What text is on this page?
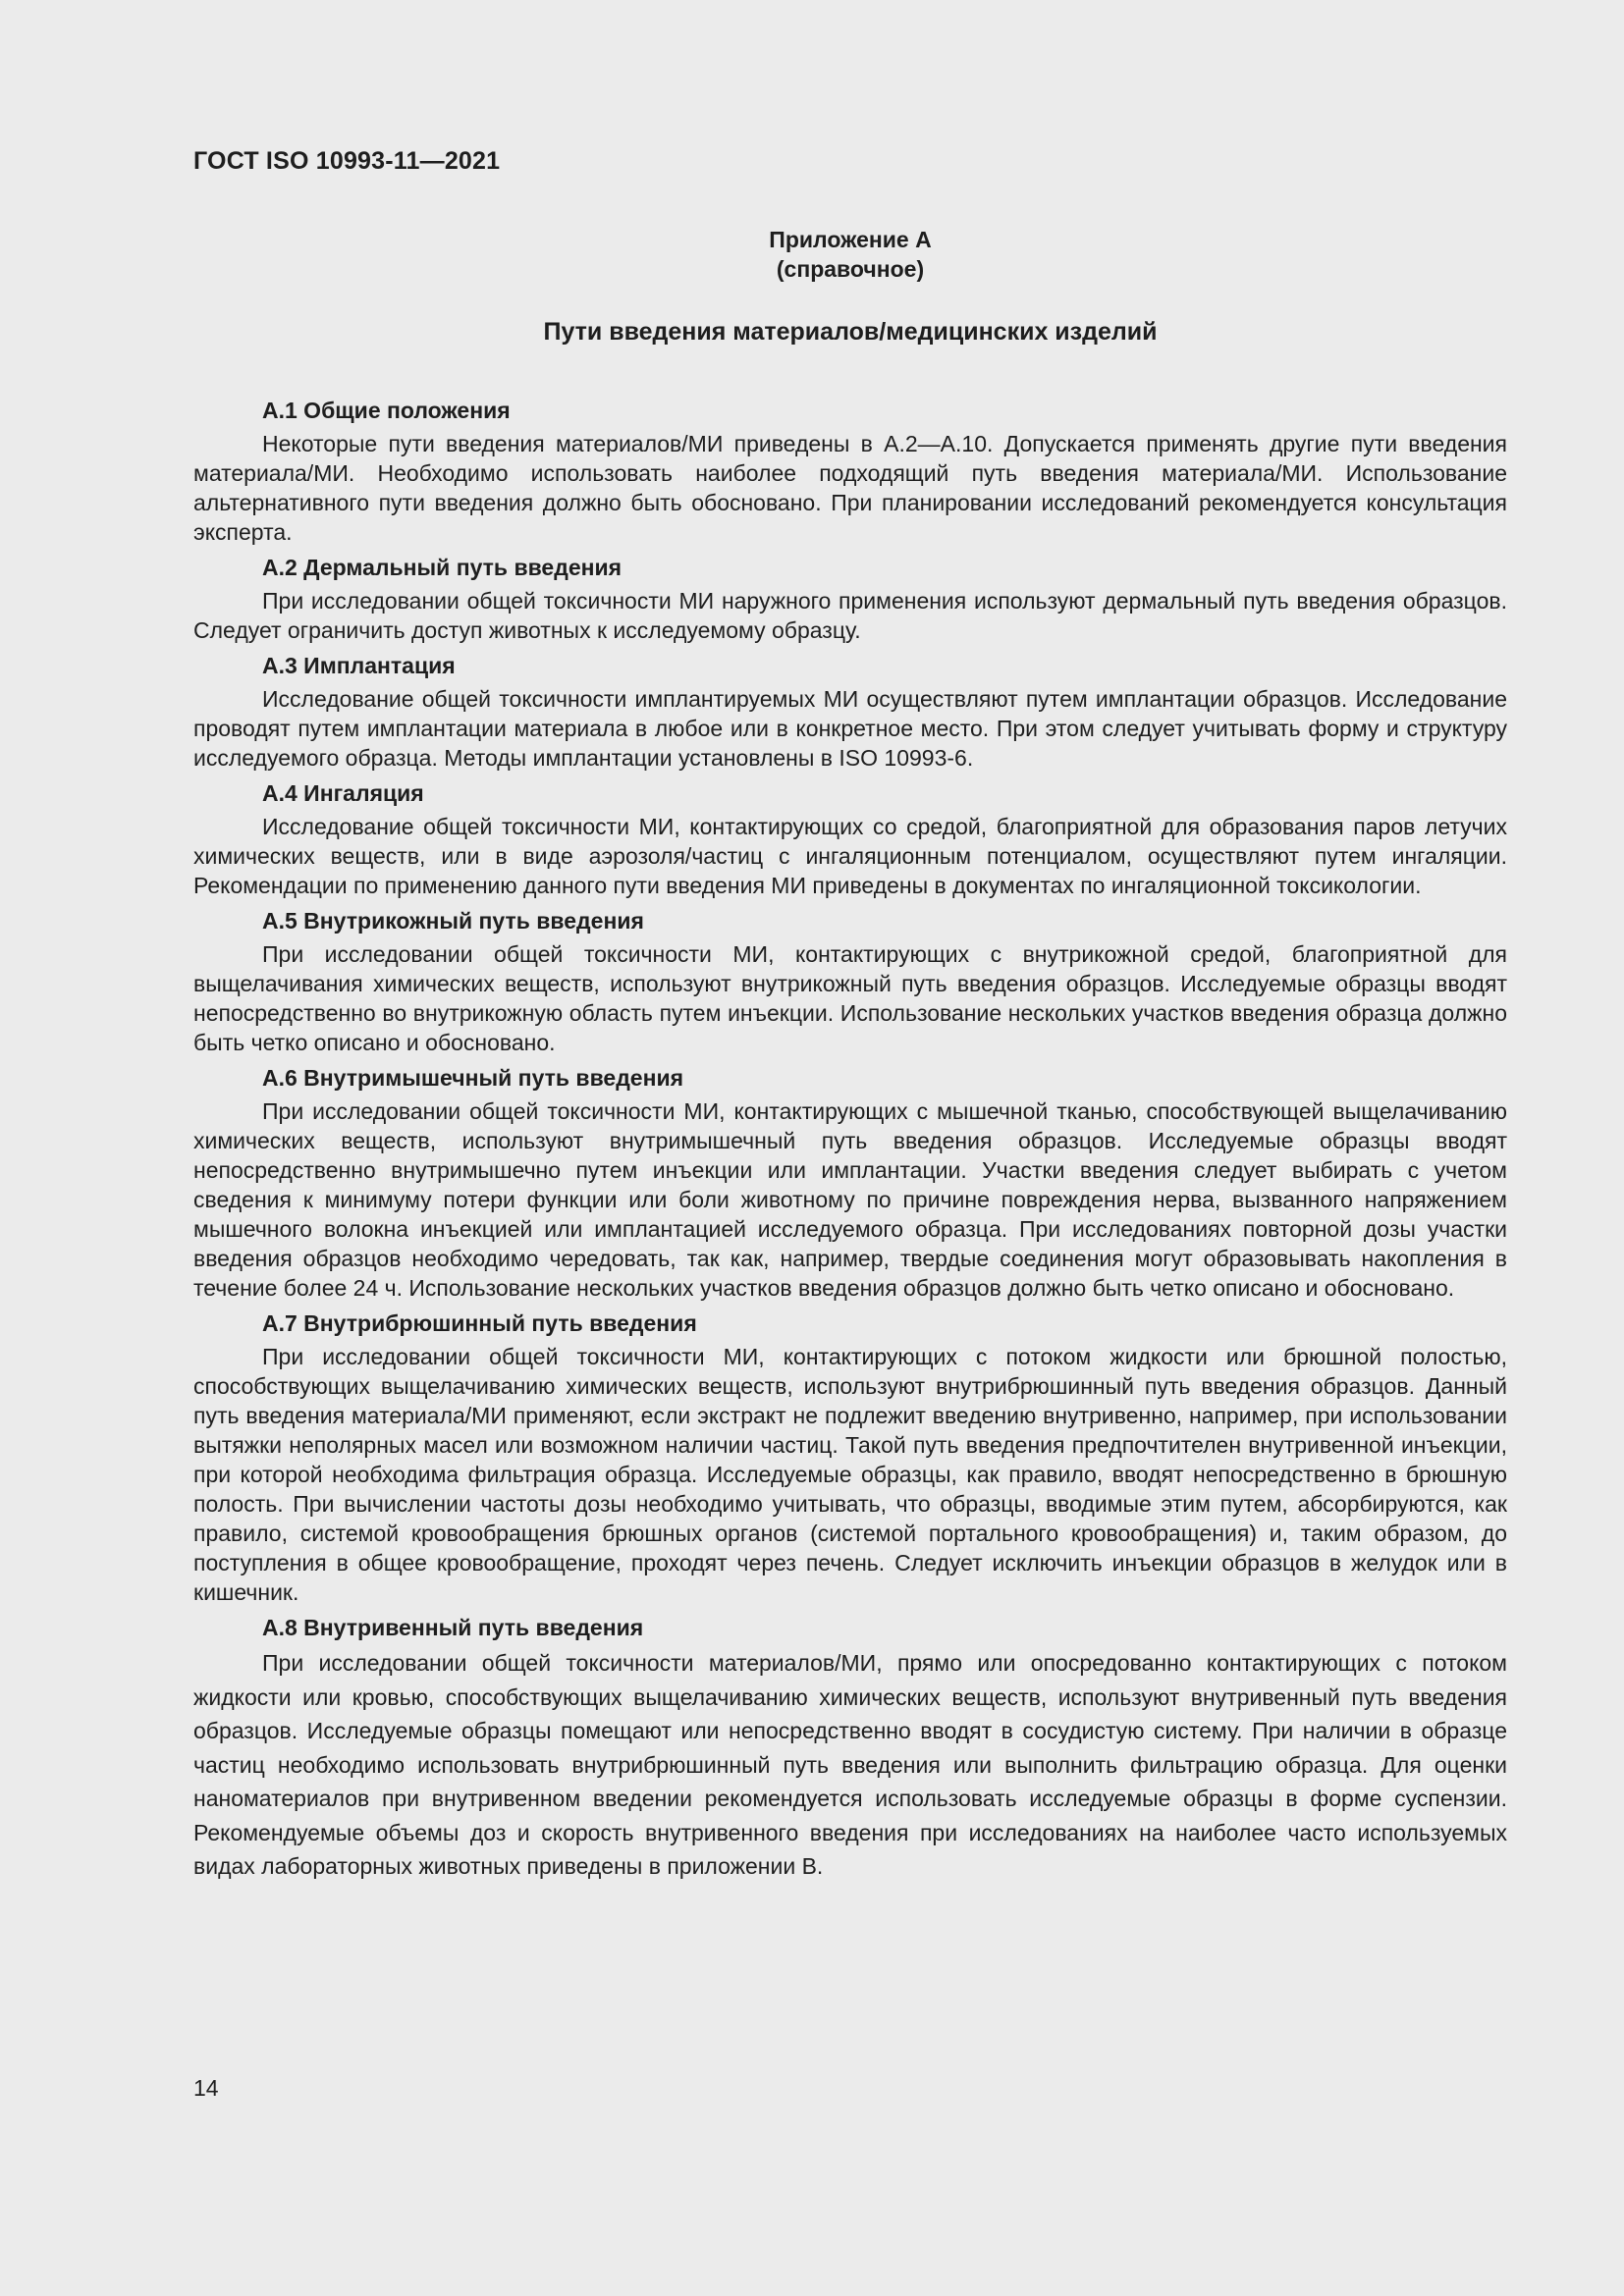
ГОСТ ISO 10993-11—2021
Приложение А
(справочное)
Пути введения материалов/медицинских изделий

А.1 Общие положения

Некоторые пути введения материалов/МИ приведены в А.2—А.10. Допускается применять другие пути введения материала/МИ. Необходимо использовать наиболее подходящий путь введения материала/МИ. Использование альтернативного пути введения должно быть обосновано. При планировании исследований рекомендуется консультация эксперта.

А.2 Дермальный путь введения

При исследовании общей токсичности МИ наружного применения используют дермальный путь введения образцов. Следует ограничить доступ животных к исследуемому образцу.

А.3 Имплантация

Исследование общей токсичности имплантируемых МИ осуществляют путем имплантации образцов. Исследование проводят путем имплантации материала в любое или в конкретное место. При этом следует учитывать форму и структуру исследуемого образца. Методы имплантации установлены в ISO 10993-6.

А.4 Ингаляция

Исследование общей токсичности МИ, контактирующих со средой, благоприятной для образования паров летучих химических веществ, или в виде аэрозоля/частиц с ингаляционным потенциалом, осуществляют путем ингаляции. Рекомендации по применению данного пути введения МИ приведены в документах по ингаляционной токсикологии.

А.5 Внутрикожный путь введения

При исследовании общей токсичности МИ, контактирующих с внутрикожной средой, благоприятной для выщелачивания химических веществ, используют внутрикожный путь введения образцов. Исследуемые образцы вводят непосредственно во внутрикожную область путем инъекции. Использование нескольких участков введения образца должно быть четко описано и обосновано.

А.6 Внутримышечный путь введения

При исследовании общей токсичности МИ, контактирующих с мышечной тканью, способствующей выщелачиванию химических веществ, используют внутримышечный путь введения образцов. Исследуемые образцы вводят непосредственно внутримышечно путем инъекции или имплантации. Участки введения следует выбирать с учетом сведения к минимуму потери функции или боли животному по причине повреждения нерва, вызванного напряжением мышечного волокна инъекцией или имплантацией исследуемого образца. При исследованиях повторной дозы участки введения образцов необходимо чередовать, так как, например, твердые соединения могут образовывать накопления в течение более 24 ч. Использование нескольких участков введения образцов должно быть четко описано и обосновано.

А.7 Внутрибрюшинный путь введения

При исследовании общей токсичности МИ, контактирующих с потоком жидкости или брюшной полостью, способствующих выщелачиванию химических веществ, используют внутрибрюшинный путь введения образцов. Данный путь введения материала/МИ применяют, если экстракт не подлежит введению внутривенно, например, при использовании вытяжки неполярных масел или возможном наличии частиц. Такой путь введения предпочтителен внутривенной инъекции, при которой необходима фильтрация образца. Исследуемые образцы, как правило, вводят непосредственно в брюшную полость. При вычислении частоты дозы необходимо учитывать, что образцы, вводимые этим путем, абсорбируются, как правило, системой кровообращения брюшных органов (системой портального кровообращения) и, таким образом, до поступления в общее кровообращение, проходят через печень. Следует исключить инъекции образцов в желудок или в кишечник.

А.8 Внутривенный путь введения

При исследовании общей токсичности материалов/МИ, прямо или опосредованно контактирующих с потоком жидкости или кровью, способствующих выщелачиванию химических веществ, используют внутривенный путь введения образцов. Исследуемые образцы помещают или непосредственно вводят в сосудистую систему. При наличии в образце частиц необходимо использовать внутрибрюшинный путь введения или выполнить фильтрацию образца. Для оценки наноматериалов при внутривенном введении рекомендуется использовать исследуемые образцы в форме суспензии. Рекомендуемые объемы доз и скорость внутривенного введения при исследованиях на наиболее часто используемых видах лабораторных животных приведены в приложении В.

14
